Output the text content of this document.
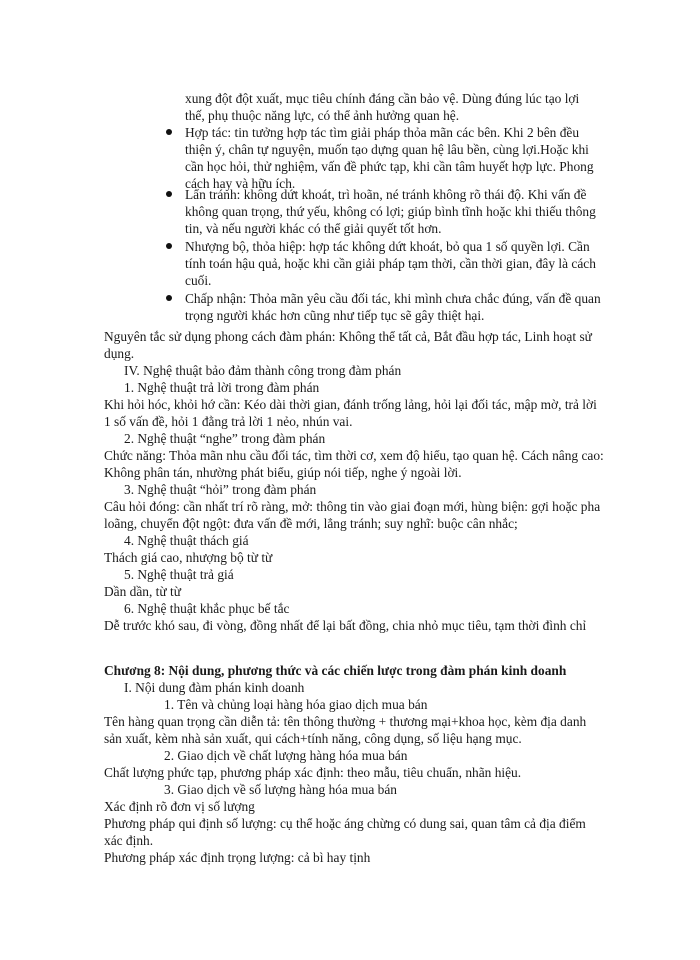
xung đột đột xuất, mục tiêu chính đáng cần bảo vệ. Dùng đúng lúc tạo lợi thế, phụ thuộc năng lực, có thể ảnh hưởng quan hệ.
Hợp tác: tin tưởng hợp tác tìm giải pháp thỏa mãn các bên. Khi 2 bên đều thiện ý, chân tự nguyện, muốn tạo dựng quan hệ lâu bền, cùng lợi.Hoặc khi cần học hỏi, thử nghiệm, vấn đề phức tạp, khi cần tâm huyết hợp lực. Phong cách hay và hữu ích.
Lẩn tránh: không dứt khoát, trì hoãn, né tránh không rõ thái độ. Khi vấn đề không quan trọng, thứ yếu, không có lợi; giúp bình tĩnh hoặc khi thiếu thông tin, và nếu người khác có thể giải quyết tốt hơn.
Nhượng bộ, thỏa hiệp: hợp tác không dứt khoát, bỏ qua 1 số quyền lợi. Cần tính toán hậu quả, hoặc khi cần giải pháp tạm thời, cần thời gian, đây là cách cuối.
Chấp nhận: Thỏa mãn yêu cầu đối tác, khi mình chưa chắc đúng, vấn đề quan trọng người khác hơn cũng như tiếp tục sẽ gây thiệt hại.
Nguyên tắc sử dụng phong cách đàm phán: Không thể tất cả, Bắt đầu hợp tác, Linh hoạt sử dụng.
IV. Nghệ thuật bảo đảm thành công trong đàm phán
1. Nghệ thuật trả lời trong đàm phán
Khi hỏi hóc, khỏi hớ cần: Kéo dài thời gian, đánh trống lảng, hỏi lại đối tác, mập mờ, trả lời 1 số vấn đề, hỏi 1 đằng trả lời 1 nẻo, nhún vai.
2. Nghệ thuật “nghe” trong đàm phán
Chức năng: Thỏa mãn nhu cầu đối tác, tìm thời cơ, xem độ hiểu, tạo quan hệ. Cách nâng cao: Không phân tán, nhường phát biểu, giúp nói tiếp, nghe ý ngoài lời.
3. Nghệ thuật “hỏi” trong đàm phán
Câu hỏi đóng: cần nhất trí rõ ràng, mở: thông tin vào giai đoạn mới, hùng biện: gợi hoặc pha loãng, chuyển đột ngột: đưa vấn đề mới, lẳng tránh; suy nghĩ: buộc cân nhắc;
4. Nghệ thuật thách giá
Thách giá cao, nhượng bộ từ từ
5. Nghệ thuật trả giá
Dần dần, từ từ
6. Nghệ thuật khắc phục bế tắc
Dễ trước khó sau, đi vòng, đồng nhất để lại bất đồng, chia nhỏ mục tiêu, tạm thời đình chỉ
Chương 8: Nội dung, phương thức và các chiến lược trong đàm phán kinh doanh
I. Nội dung đàm phán kinh doanh
1. Tên và chủng loại hàng hóa giao dịch mua bán
Tên hàng quan trọng cần diễn tả: tên thông thường + thương mại+khoa học, kèm địa danh sản xuất, kèm nhà sản xuất, qui cách+tính năng, công dụng, số liệu hạng mục.
2. Giao dịch về chất lượng hàng hóa mua bán
Chất lượng phức tạp, phương pháp xác định: theo mẫu, tiêu chuẩn, nhãn hiệu.
3. Giao dịch về số lượng hàng hóa mua bán
Xác định rõ đơn vị số lượng
Phương pháp qui định số lượng: cụ thể hoặc áng chừng có dung sai, quan tâm cả địa điểm xác định.
Phương pháp xác định trọng lượng: cả bì hay tịnh
